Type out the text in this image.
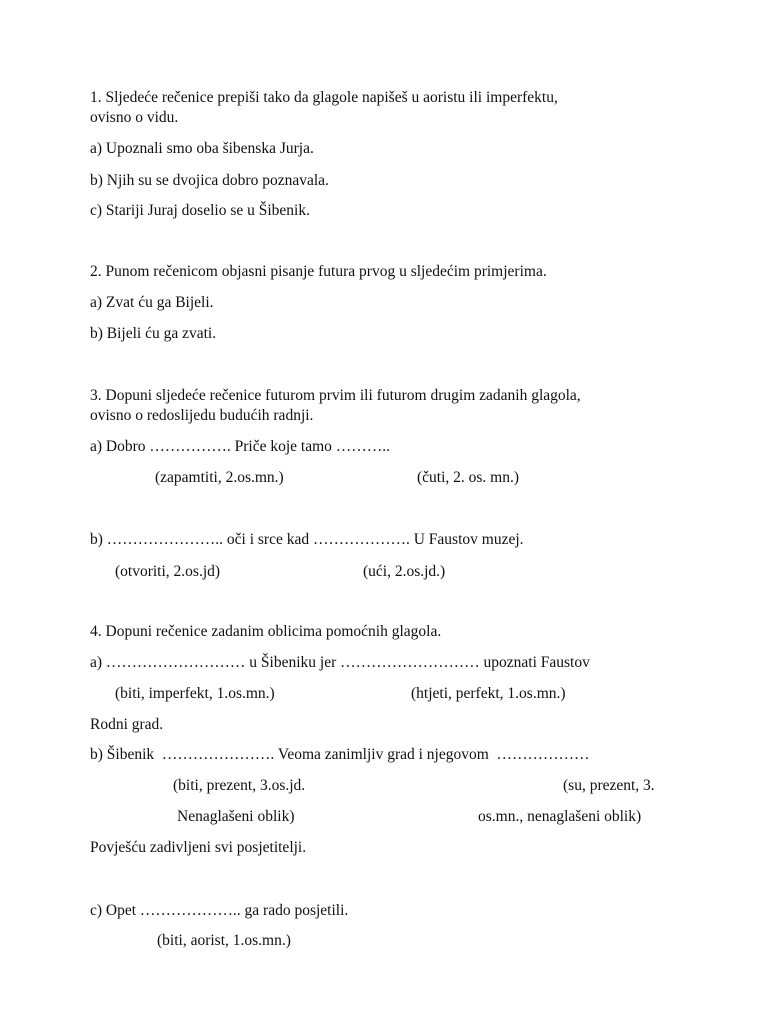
1. Sljedeće rečenice prepiši tako da glagole napišeš u aoristu ili imperfektu,
ovisno o vidu.
a) Upoznali smo oba šibenska Jurja.
b) Njih su se dvojica dobro poznavala.
c) Stariji Juraj doselio se u Šibenik.
2. Punom rečenicom objasni pisanje futura prvog u sljedećim primjerima.
a) Zvat ću ga Bijeli.
b) Bijeli ću ga zvati.
3. Dopuni sljedeće rečenice futurom prvim ili futurom drugim zadanih glagola,
ovisno o redoslijedu budućih radnji.
a) Dobro ……………. Priče koje tamo ………..
(zapamtiti, 2.os.mn.)	(čuti, 2. os. mn.)
b) ………………….. oči i srce kad ………………. U Faustov muzej.
(otvoriti, 2.os.jd)	(ući, 2.os.jd.)
4. Dopuni rečenice zadanim oblicima pomoćnih glagola.
a) ……………………… u Šibeniku jer ……………………… upoznati Faustov
(biti, imperfekt, 1.os.mn.)	(htjeti, perfekt, 1.os.mn.)
Rodni grad.
b) Šibenik  …………………. Veoma zanimljiv grad i njegovom  ………………
(biti, prezent, 3.os.jd.	(su, prezent, 3.
Nenaglašeni oblik)	os.mn., nenaglašeni oblik)
Povješću zadivljeni svi posjetitelji.
c) Opet ……………….. ga rado posjetili.
(biti, aorist, 1.os.mn.)
